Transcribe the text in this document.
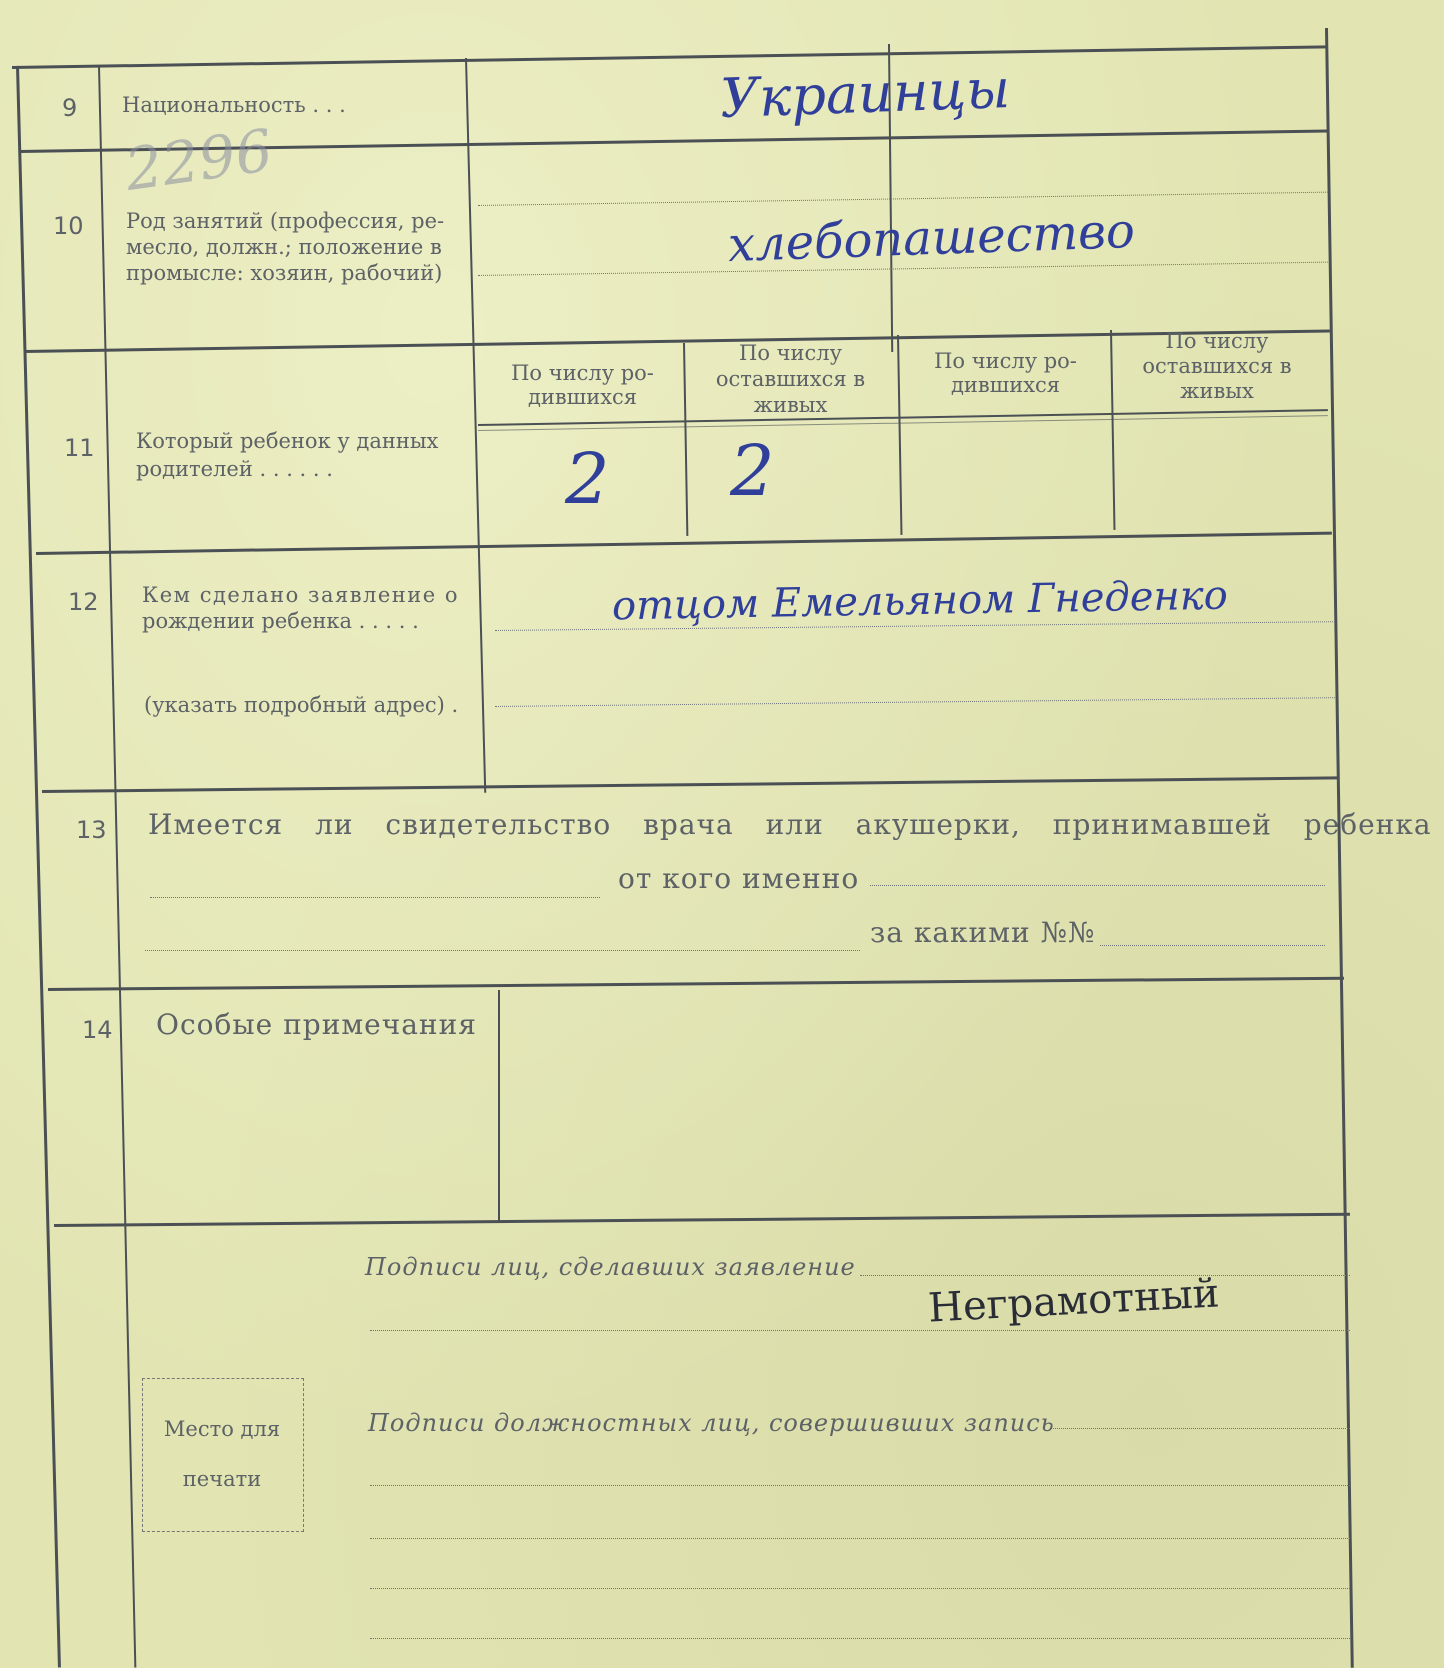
9 Национальность . . .	Украинцы
2296
10 Род занятий (профессия, ре-
месло, должн.; положение в
промысле: хозяин, рабочий)	хлебопашество
11 Который ребенок у данных
родителей . . . . . .
По числу ро-
дившихся
По числу
оставшихся в
живых
По числу ро-
дившихся
По числу
оставшихся в
живых
2 2
12 Кем сделано заявление о
рождении ребенка . . . . .
(указать подробный адрес) .
отцом Емельяном Гнеденко
13 Имеется ли свидетельство врача или акушерки, принимавшей ребенка
от кого именно
за какими №№
14 Особые примечания
Подписи лиц, сделавших заявление
Неграмотный
Подписи должностных лиц, совершивших запись
Место для
печати
